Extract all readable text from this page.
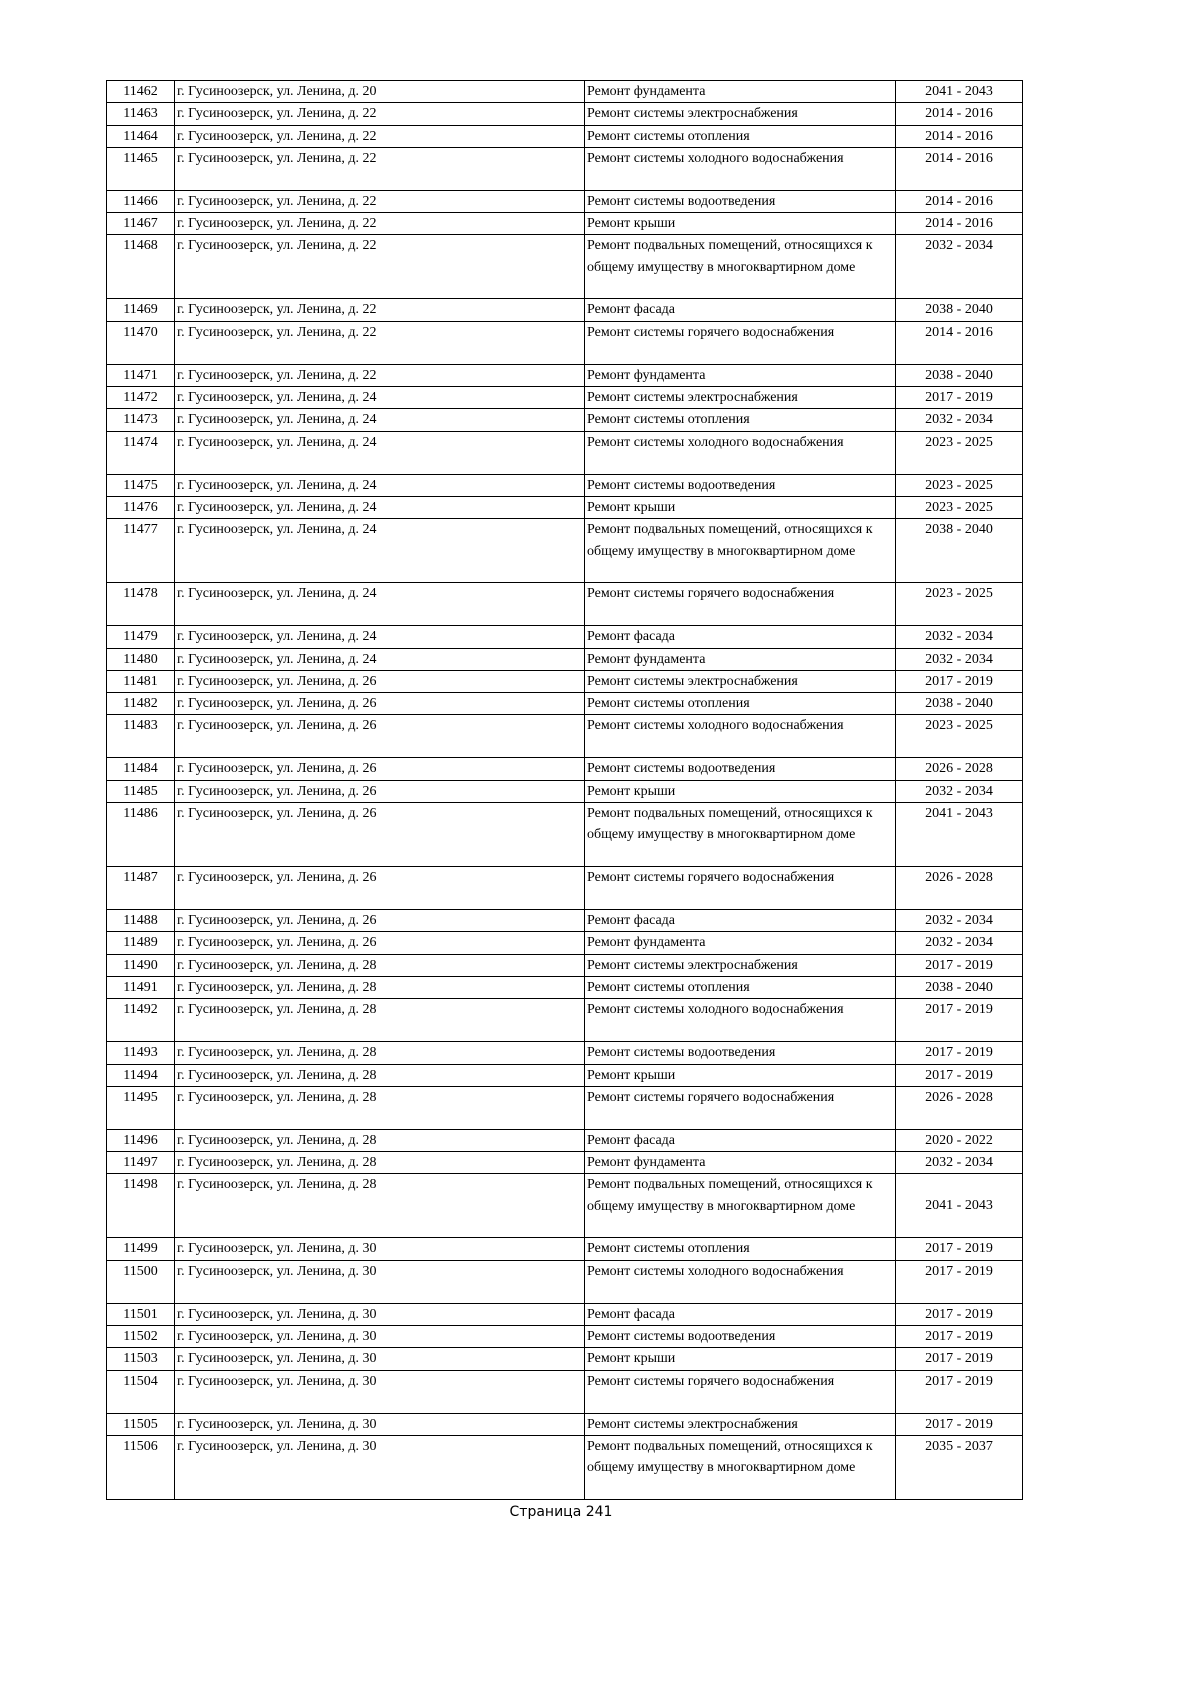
11462	г. Гусиноозерск, ул. Ленина, д. 20	Ремонт фундамента	2041 - 2043
11463	г. Гусиноозерск, ул. Ленина, д. 22	Ремонт системы электроснабжения	2014 - 2016
11464	г. Гусиноозерск, ул. Ленина, д. 22	Ремонт системы отопления	2014 - 2016
11465	г. Гусиноозерск, ул. Ленина, д. 22	Ремонт системы холодного водоснабжения	2014 - 2016
11466	г. Гусиноозерск, ул. Ленина, д. 22	Ремонт системы водоотведения	2014 - 2016
11467	г. Гусиноозерск, ул. Ленина, д. 22	Ремонт крыши	2014 - 2016
11468	г. Гусиноозерск, ул. Ленина, д. 22	Ремонт подвальных помещений, относящихся к общему имуществу в многоквартирном доме	2032 - 2034
11469	г. Гусиноозерск, ул. Ленина, д. 22	Ремонт фасада	2038 - 2040
11470	г. Гусиноозерск, ул. Ленина, д. 22	Ремонт системы горячего водоснабжения	2014 - 2016
11471	г. Гусиноозерск, ул. Ленина, д. 22	Ремонт фундамента	2038 - 2040
11472	г. Гусиноозерск, ул. Ленина, д. 24	Ремонт системы электроснабжения	2017 - 2019
11473	г. Гусиноозерск, ул. Ленина, д. 24	Ремонт системы отопления	2032 - 2034
11474	г. Гусиноозерск, ул. Ленина, д. 24	Ремонт системы холодного водоснабжения	2023 - 2025
11475	г. Гусиноозерск, ул. Ленина, д. 24	Ремонт системы водоотведения	2023 - 2025
11476	г. Гусиноозерск, ул. Ленина, д. 24	Ремонт крыши	2023 - 2025
11477	г. Гусиноозерск, ул. Ленина, д. 24	Ремонт подвальных помещений, относящихся к общему имуществу в многоквартирном доме	2038 - 2040
11478	г. Гусиноозерск, ул. Ленина, д. 24	Ремонт системы горячего водоснабжения	2023 - 2025
11479	г. Гусиноозерск, ул. Ленина, д. 24	Ремонт фасада	2032 - 2034
11480	г. Гусиноозерск, ул. Ленина, д. 24	Ремонт фундамента	2032 - 2034
11481	г. Гусиноозерск, ул. Ленина, д. 26	Ремонт системы электроснабжения	2017 - 2019
11482	г. Гусиноозерск, ул. Ленина, д. 26	Ремонт системы отопления	2038 - 2040
11483	г. Гусиноозерск, ул. Ленина, д. 26	Ремонт системы холодного водоснабжения	2023 - 2025
11484	г. Гусиноозерск, ул. Ленина, д. 26	Ремонт системы водоотведения	2026 - 2028
11485	г. Гусиноозерск, ул. Ленина, д. 26	Ремонт крыши	2032 - 2034
11486	г. Гусиноозерск, ул. Ленина, д. 26	Ремонт подвальных помещений, относящихся к общему имуществу в многоквартирном доме	2041 - 2043
11487	г. Гусиноозерск, ул. Ленина, д. 26	Ремонт системы горячего водоснабжения	2026 - 2028
11488	г. Гусиноозерск, ул. Ленина, д. 26	Ремонт фасада	2032 - 2034
11489	г. Гусиноозерск, ул. Ленина, д. 26	Ремонт фундамента	2032 - 2034
11490	г. Гусиноозерск, ул. Ленина, д. 28	Ремонт системы электроснабжения	2017 - 2019
11491	г. Гусиноозерск, ул. Ленина, д. 28	Ремонт системы отопления	2038 - 2040
11492	г. Гусиноозерск, ул. Ленина, д. 28	Ремонт системы холодного водоснабжения	2017 - 2019
11493	г. Гусиноозерск, ул. Ленина, д. 28	Ремонт системы водоотведения	2017 - 2019
11494	г. Гусиноозерск, ул. Ленина, д. 28	Ремонт крыши	2017 - 2019
11495	г. Гусиноозерск, ул. Ленина, д. 28	Ремонт системы горячего водоснабжения	2026 - 2028
11496	г. Гусиноозерск, ул. Ленина, д. 28	Ремонт фасада	2020 - 2022
11497	г. Гусиноозерск, ул. Ленина, д. 28	Ремонт фундамента	2032 - 2034
11498	г. Гусиноозерск, ул. Ленина, д. 28	Ремонт подвальных помещений, относящихся к общему имуществу в многоквартирном доме	2041 - 2043
11499	г. Гусиноозерск, ул. Ленина, д. 30	Ремонт системы отопления	2017 - 2019
11500	г. Гусиноозерск, ул. Ленина, д. 30	Ремонт системы холодного водоснабжения	2017 - 2019
11501	г. Гусиноозерск, ул. Ленина, д. 30	Ремонт фасада	2017 - 2019
11502	г. Гусиноозерск, ул. Ленина, д. 30	Ремонт системы водоотведения	2017 - 2019
11503	г. Гусиноозерск, ул. Ленина, д. 30	Ремонт крыши	2017 - 2019
11504	г. Гусиноозерск, ул. Ленина, д. 30	Ремонт системы горячего водоснабжения	2017 - 2019
11505	г. Гусиноозерск, ул. Ленина, д. 30	Ремонт системы электроснабжения	2017 - 2019
11506	г. Гусиноозерск, ул. Ленина, д. 30	Ремонт подвальных помещений, относящихся к общему имуществу в многоквартирном доме	2035 - 2037
Страница 241
